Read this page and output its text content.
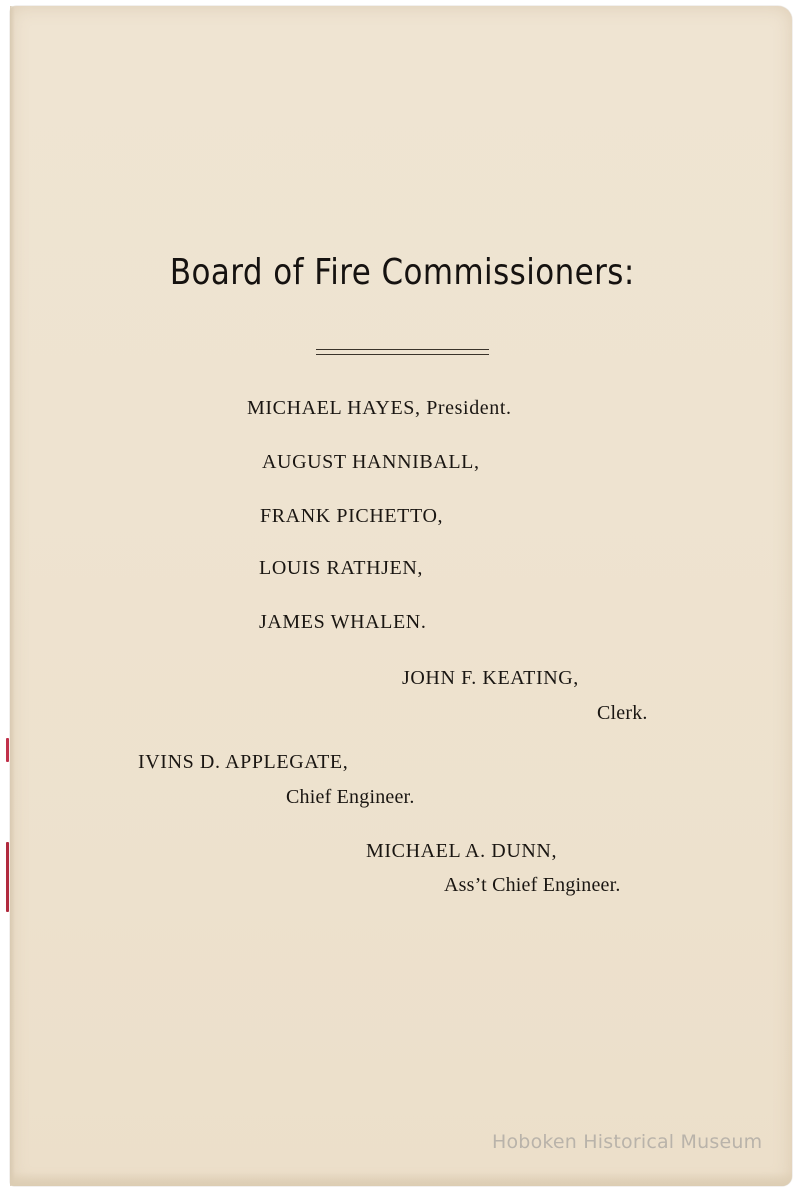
Board of Fire Commissioners:
MICHAEL HAYES, President.
AUGUST HANNIBALL,
FRANK PICHETTO,
LOUIS RATHJEN,
JAMES WHALEN.
JOHN F. KEATING,
Clerk.
IVINS D. APPLEGATE,
Chief Engineer.
MICHAEL A. DUNN,
Ass’t Chief Engineer.
Hoboken Historical Museum
